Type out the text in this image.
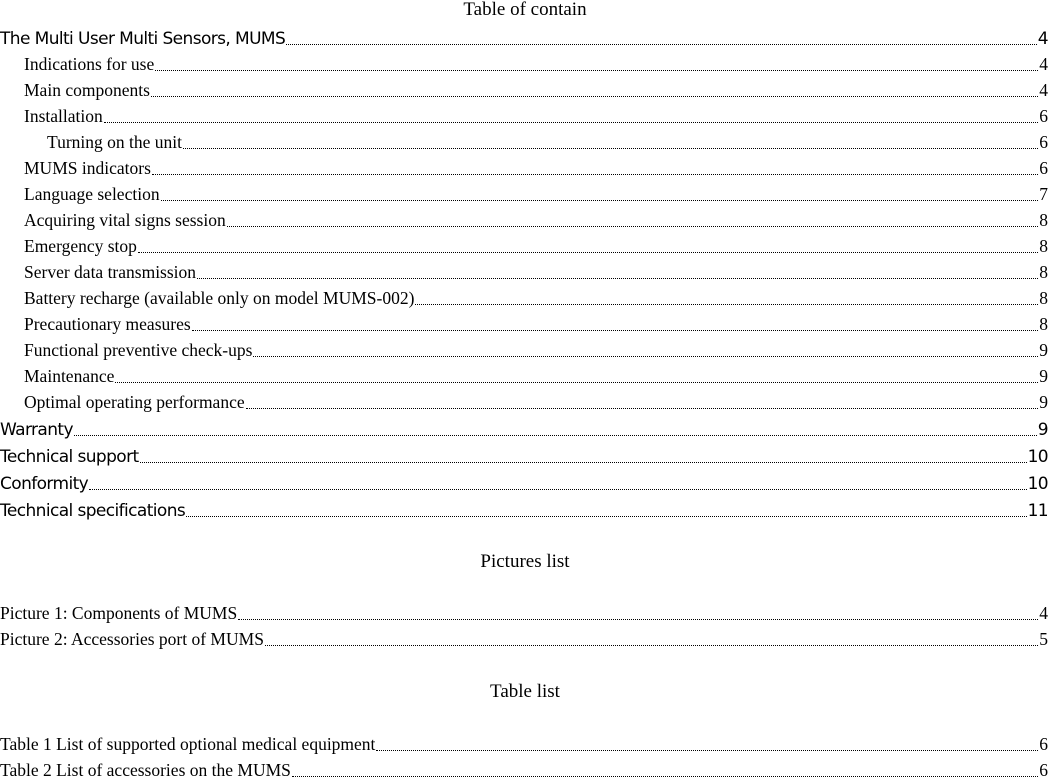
Table of contain
The Multi User Multi Sensors, MUMS	4
Indications for use	4
Main components	4
Installation	6
Turning on the unit	6
MUMS indicators	6
Language selection	7
Acquiring vital signs session	8
Emergency stop	8
Server data transmission	8
Battery recharge (available only on model MUMS-002)	8
Precautionary measures	8
Functional preventive check-ups	9
Maintenance	9
Optimal operating performance	9
Warranty	9
Technical support	10
Conformity	10
Technical specifications	11
Pictures list
Picture 1: Components of MUMS	4
Picture 2: Accessories port of MUMS	5
Table list
Table 1 List of supported optional medical equipment	6
Table 2 List of accessories on the MUMS	6
